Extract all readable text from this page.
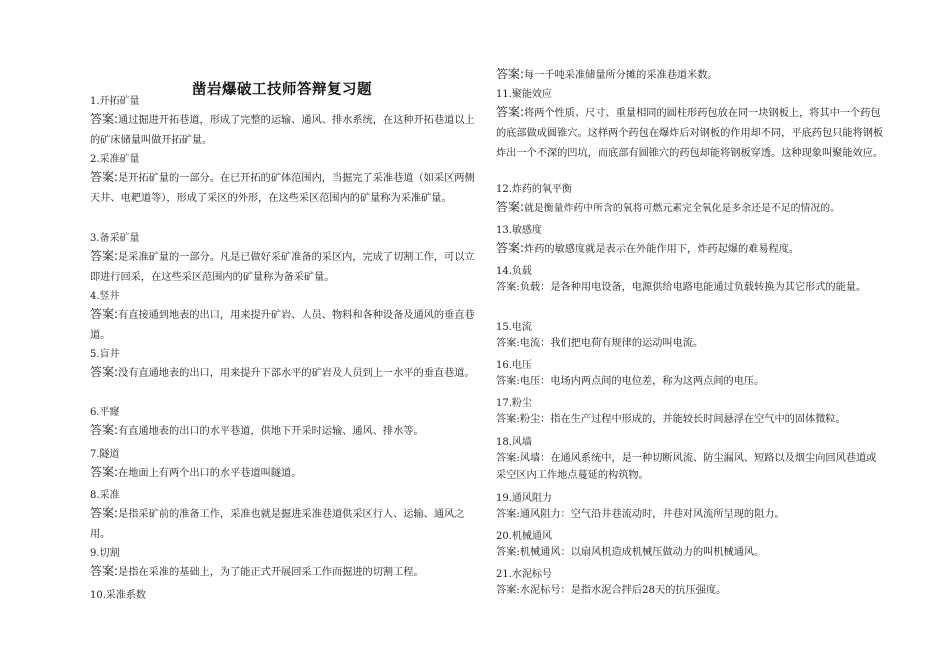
凿岩爆破工技师答辩复习题
1.开拓矿量
答案:通过掘进开拓巷道，形成了完整的运输、通风、排水系统，在这种开拓巷道以上的矿床储量叫做开拓矿量。
2.采准矿量
答案:是开拓矿量的一部分。在已开拓的矿体范围内，当掘完了采准巷道（如采区两侧天井、电耙道等），形成了采区的外形，在这些采区范围内的矿量称为采准矿量。
3.备采矿量
答案:是采准矿量的一部分。凡是已做好采矿准备的采区内，完成了切割工作，可以立即进行回采，在这些采区范围内的矿量称为备采矿量。
4.竖井
答案:有直接通到地表的出口，用来提升矿岩、人员、物料和各种设备及通风的垂直巷道。
5.盲井
答案:没有直通地表的出口，用来提升下部水平的矿岩及人员到上一水平的垂直巷道。
6.平窿
答案:有直通地表的出口的水平巷道，供地下开采时运输、通风、排水等。
7.隧道
答案:在地面上有两个出口的水平巷道叫隧道。
8.采准
答案:是指采矿前的准备工作，采准也就是掘进采准巷道供采区行人、运输、通风之用。
9.切割
答案:是指在采准的基础上，为了能正式开展回采工作而掘进的切割工程。
10.采准系数
答案:每一千吨采准储量所分摊的采准巷道米数。
11.聚能效应
答案:将两个性质、尺寸、重量相同的圆柱形药包放在同一块钢板上，将其中一个药包的底部做成圆锥穴。这样两个药包在爆炸后对钢板的作用却不同，平底药包只能将钢板炸出一个不深的凹坑，而底部有圆锥穴的药包却能将钢板穿透。这种现象叫聚能效应。
12.炸药的氧平衡
答案:就是衡量炸药中所含的氧将可燃元素完全氧化是多余还是不足的情况的。
13.敏感度
答案:炸药的敏感度就是表示在外能作用下，炸药起爆的难易程度。
14.负载
答案:负载：是各种用电设备，电源供给电路电能通过负载转换为其它形式的能量。
15.电流
答案:电流：我们把电荷有规律的运动叫电流。
16.电压
答案:电压：电场内两点间的电位差，称为这两点间的电压。
17.粉尘
答案:粉尘：指在生产过程中形成的，并能较长时间悬浮在空气中的固体微粒。
18.风墙
答案:风墙：在通风系统中，是一种切断风流、防尘漏风、短路以及烟尘向回风巷道或采空区内工作地点蔓延的构筑物。
19.通风阻力
答案:通风阻力：空气沿井巷流动时，井巷对风流所呈现的阻力。
20.机械通风
答案:机械通风：以扇风机造成机械压做动力的叫机械通风。
21.水泥标号
答案:水泥标号：是指水泥合拌后28天的抗压强度。
